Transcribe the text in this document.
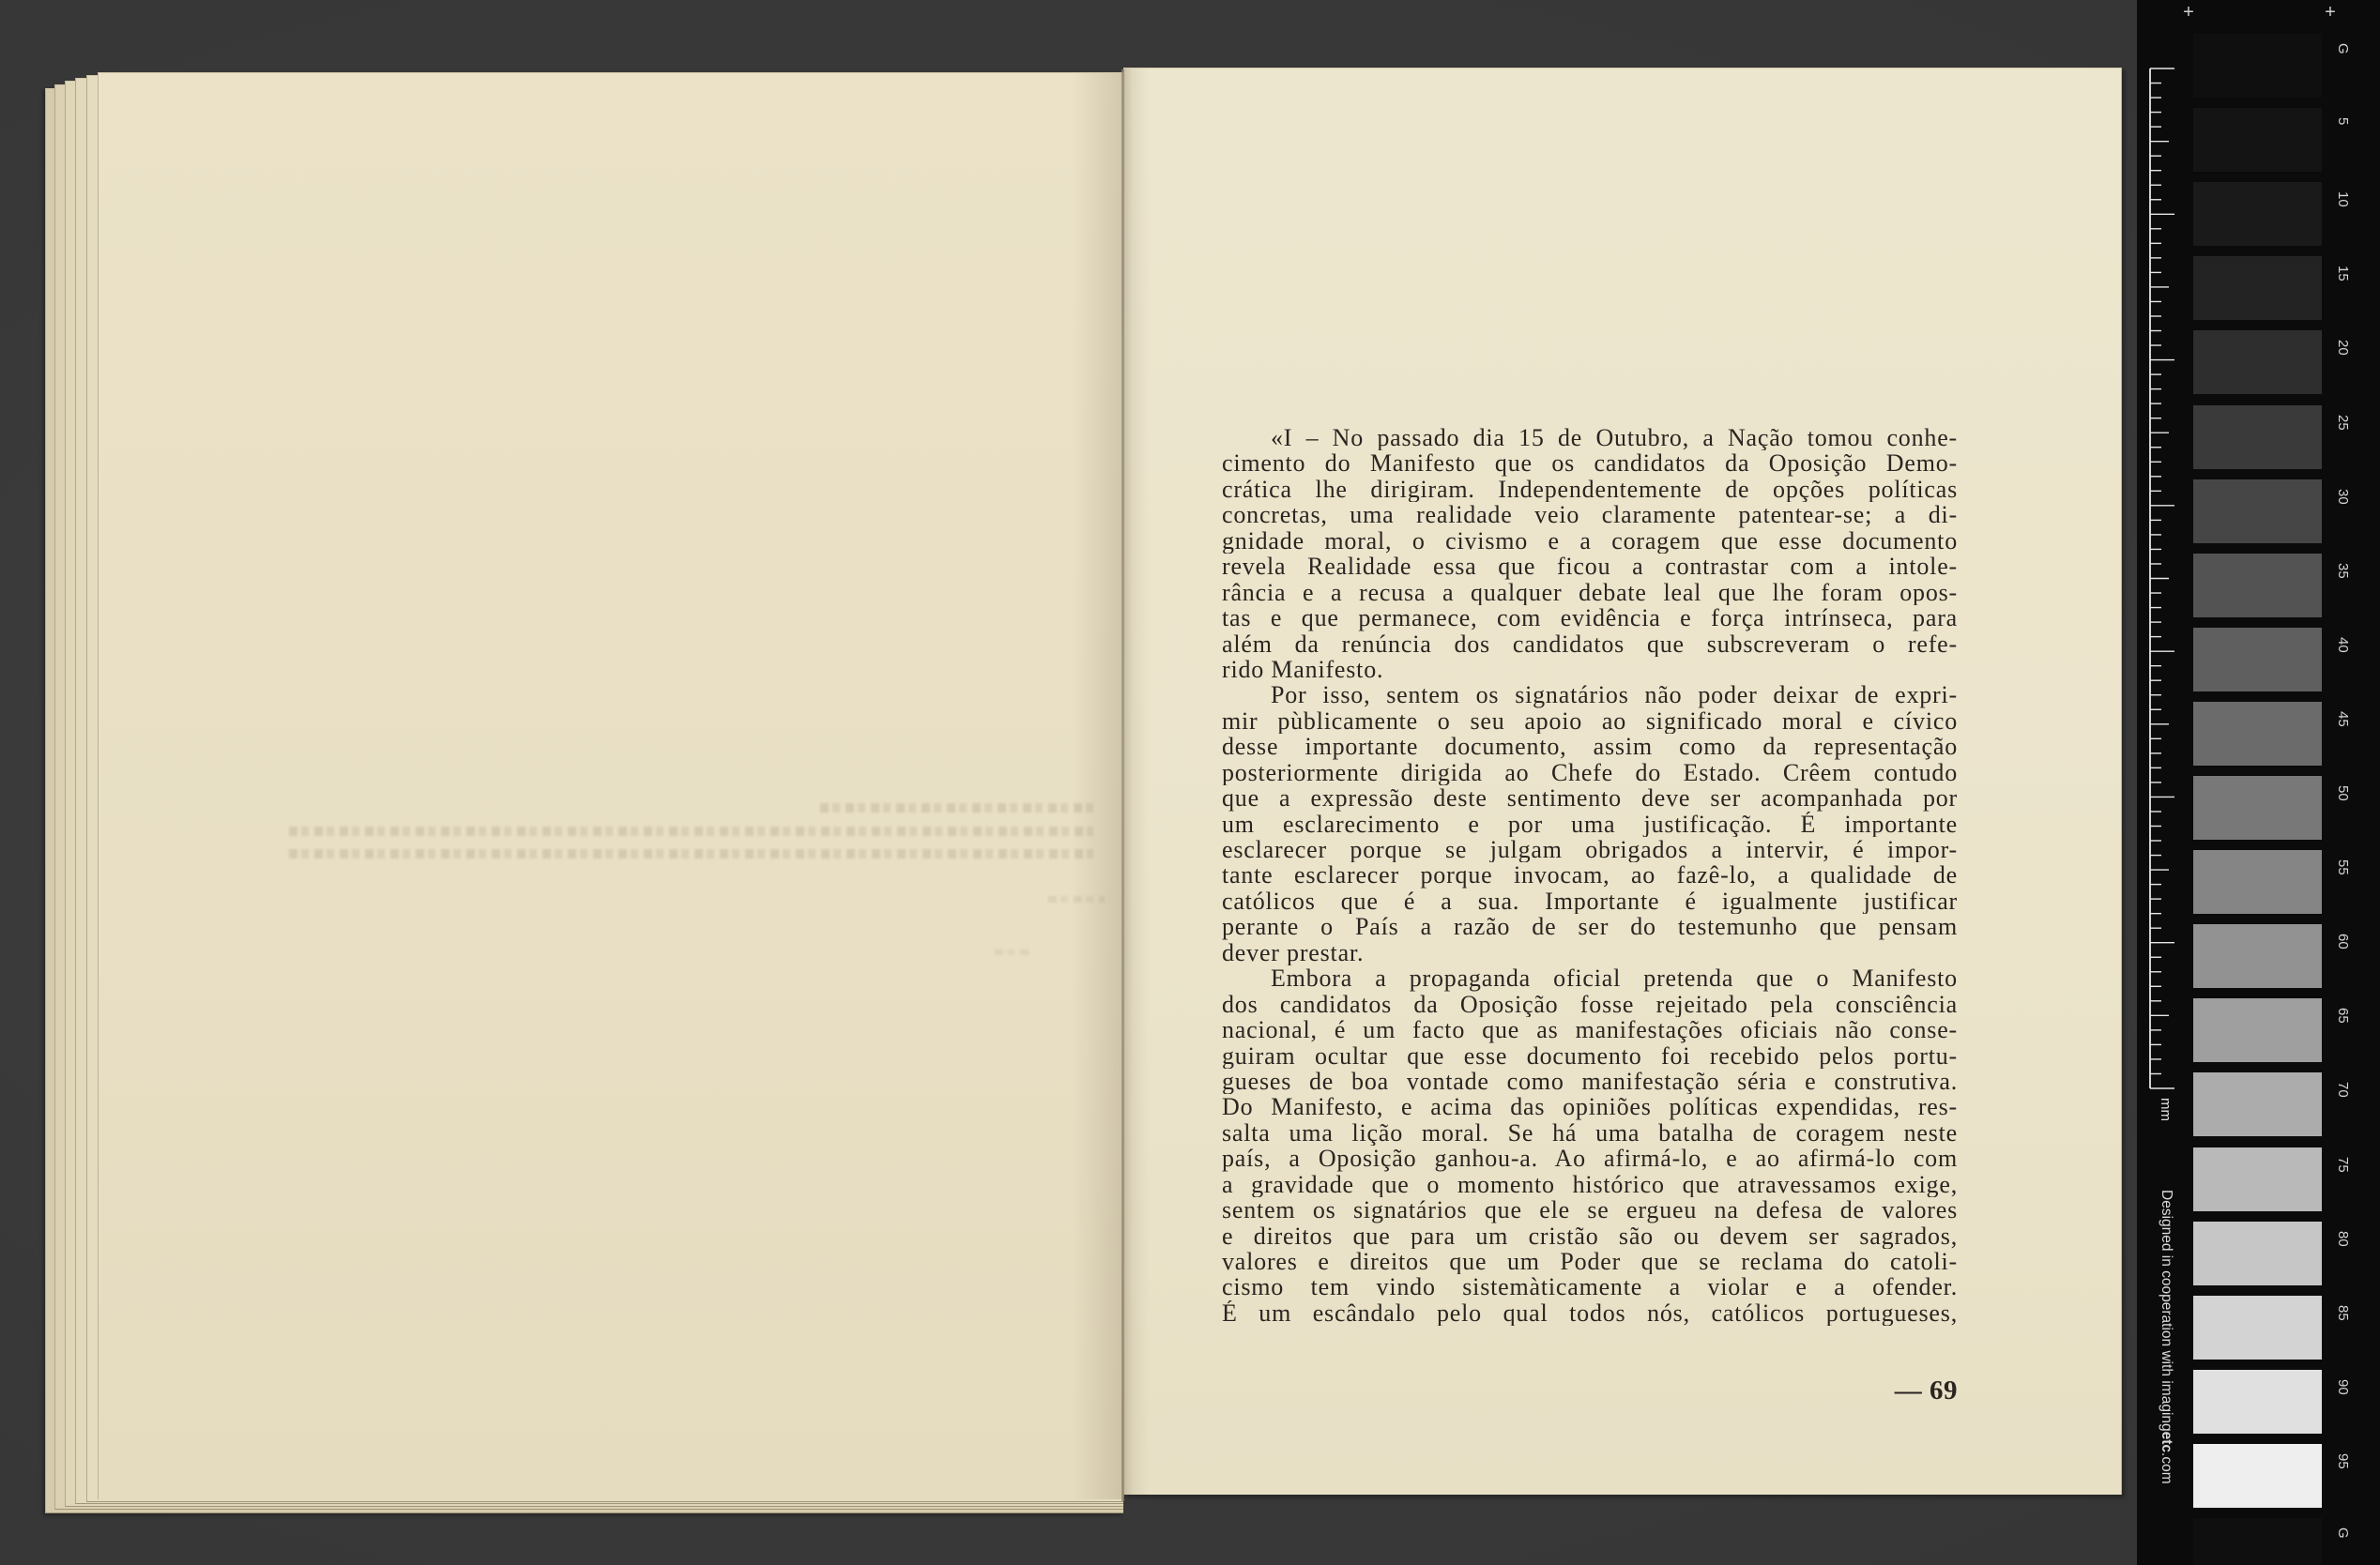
«I – No passado dia 15 de Outubro, a Nação tomou conhe-
cimento do Manifesto que os candidatos da Oposição Demo-
crática lhe dirigiram. Independentemente de opções políticas
concretas, uma realidade veio claramente patentear-se; a di-
gnidade moral, o civismo e a coragem que esse documento
revela Realidade essa que ficou a contrastar com a intole-
rância e a recusa a qualquer debate leal que lhe foram opos-
tas e que permanece, com evidência e força intrínseca, para
além da renúncia dos candidatos que subscreveram o refe-
rido Manifesto.
Por isso, sentem os signatários não poder deixar de expri-
mir pùblicamente o seu apoio ao significado moral e cívico
desse importante documento, assim como da representação
posteriormente dirigida ao Chefe do Estado. Crêem contudo
que a expressão deste sentimento deve ser acompanhada por
um esclarecimento e por uma justificação. É importante
esclarecer porque se julgam obrigados a intervir, é impor-
tante esclarecer porque invocam, ao fazê-lo, a qualidade de
católicos que é a sua. Importante é igualmente justificar
perante o País a razão de ser do testemunho que pensam
dever prestar.
Embora a propaganda oficial pretenda que o Manifesto
dos candidatos da Oposição fosse rejeitado pela consciência
nacional, é um facto que as manifestações oficiais não conse-
guiram ocultar que esse documento foi recebido pelos portu-
gueses de boa vontade como manifestação séria e construtiva.
Do Manifesto, e acima das opiniões políticas expendidas, res-
salta uma lição moral. Se há uma batalha de coragem neste
país, a Oposição ganhou-a. Ao afirmá-lo, e ao afirmá-lo com
a gravidade que o momento histórico que atravessamos exige,
sentem os signatários que ele se ergueu na defesa de valores
e direitos que para um cristão são ou devem ser sagrados,
valores e direitos que um Poder que se reclama do catoli-
cismo tem vindo sistemàticamente a violar e a ofender.
É um escândalo pelo qual todos nós, católicos portugueses,
— 69
+	+
mm
Designed in cooperation with imagingetc.com
G
5
10
15
20
25
30
35
40
45
50
55
60
65
70
75
80
85
90
95
G
